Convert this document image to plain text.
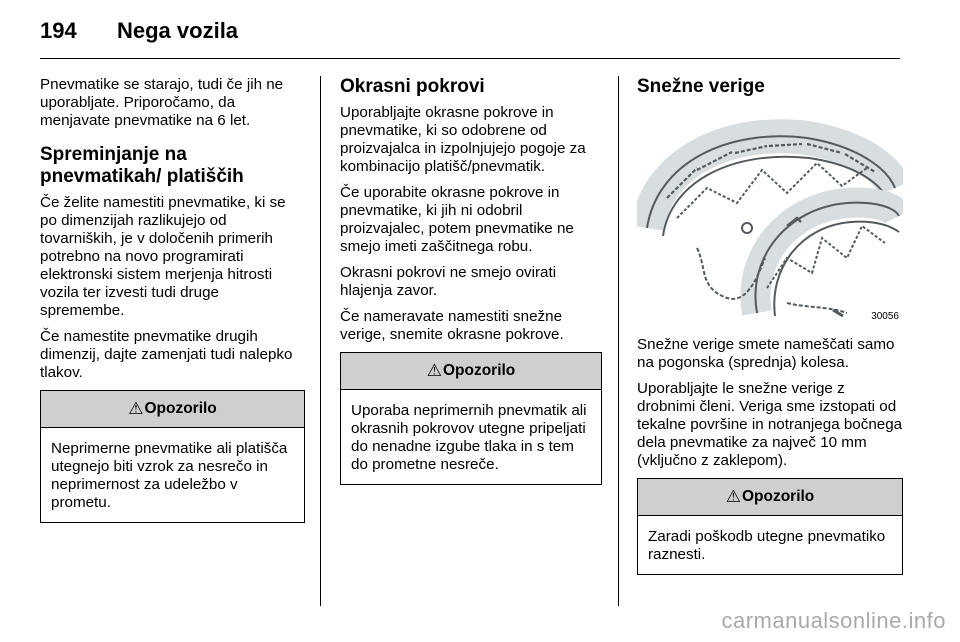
194 Nega vozila

Pnevmatike se starajo, tudi če jih ne uporabljate. Priporočamo, da menjavate pnevmatike na 6 let.

Spreminjanje na pnevmatikah/ platiščih

Če želite namestiti pnevmatike, ki se po dimenzijah razlikujejo od tovarniških, je v določenih primerih potrebno na novo programirati elektronski sistem merjenja hitrosti vozila ter izvesti tudi druge spremembe.

Če namestite pnevmatike drugih dimenzij, dajte zamenjati tudi nalepko tlakov.

⚠ Opozorilo

Neprimerne pnevmatike ali platišča utegnejo biti vzrok za nesrečo in neprimernost za udeležbo v prometu.

Okrasni pokrovi

Uporabljajte okrasne pokrove in pnevmatike, ki so odobrene od proizvajalca in izpolnjujejo pogoje za kombinacijo platišč/pnevmatik.

Če uporabite okrasne pokrove in pnevmatike, ki jih ni odobril proizvajalec, potem pnevmatike ne smejo imeti zaščitnega robu.

Okrasni pokrovi ne smejo ovirati hlajenja zavor.

Če nameravate namestiti snežne verige, snemite okrasne pokrove.

⚠ Opozorilo

Uporaba neprimernih pnevmatik ali okrasnih pokrovov utegne pripeljati do nenadne izgube tlaka in s tem do prometne nesreče.

Snežne verige
30056

Snežne verige smete nameščati samo na pogonska (sprednja) kolesa.

Uporabljajte le snežne verige z drobnimi členi. Veriga sme izstopati od tekalne površine in notranjega bočnega dela pnevmatike za največ 10 mm (vključno z zaklepom).

⚠ Opozorilo

Zaradi poškodb utegne pnevmatiko raznesti.

carmanualsonline.info
